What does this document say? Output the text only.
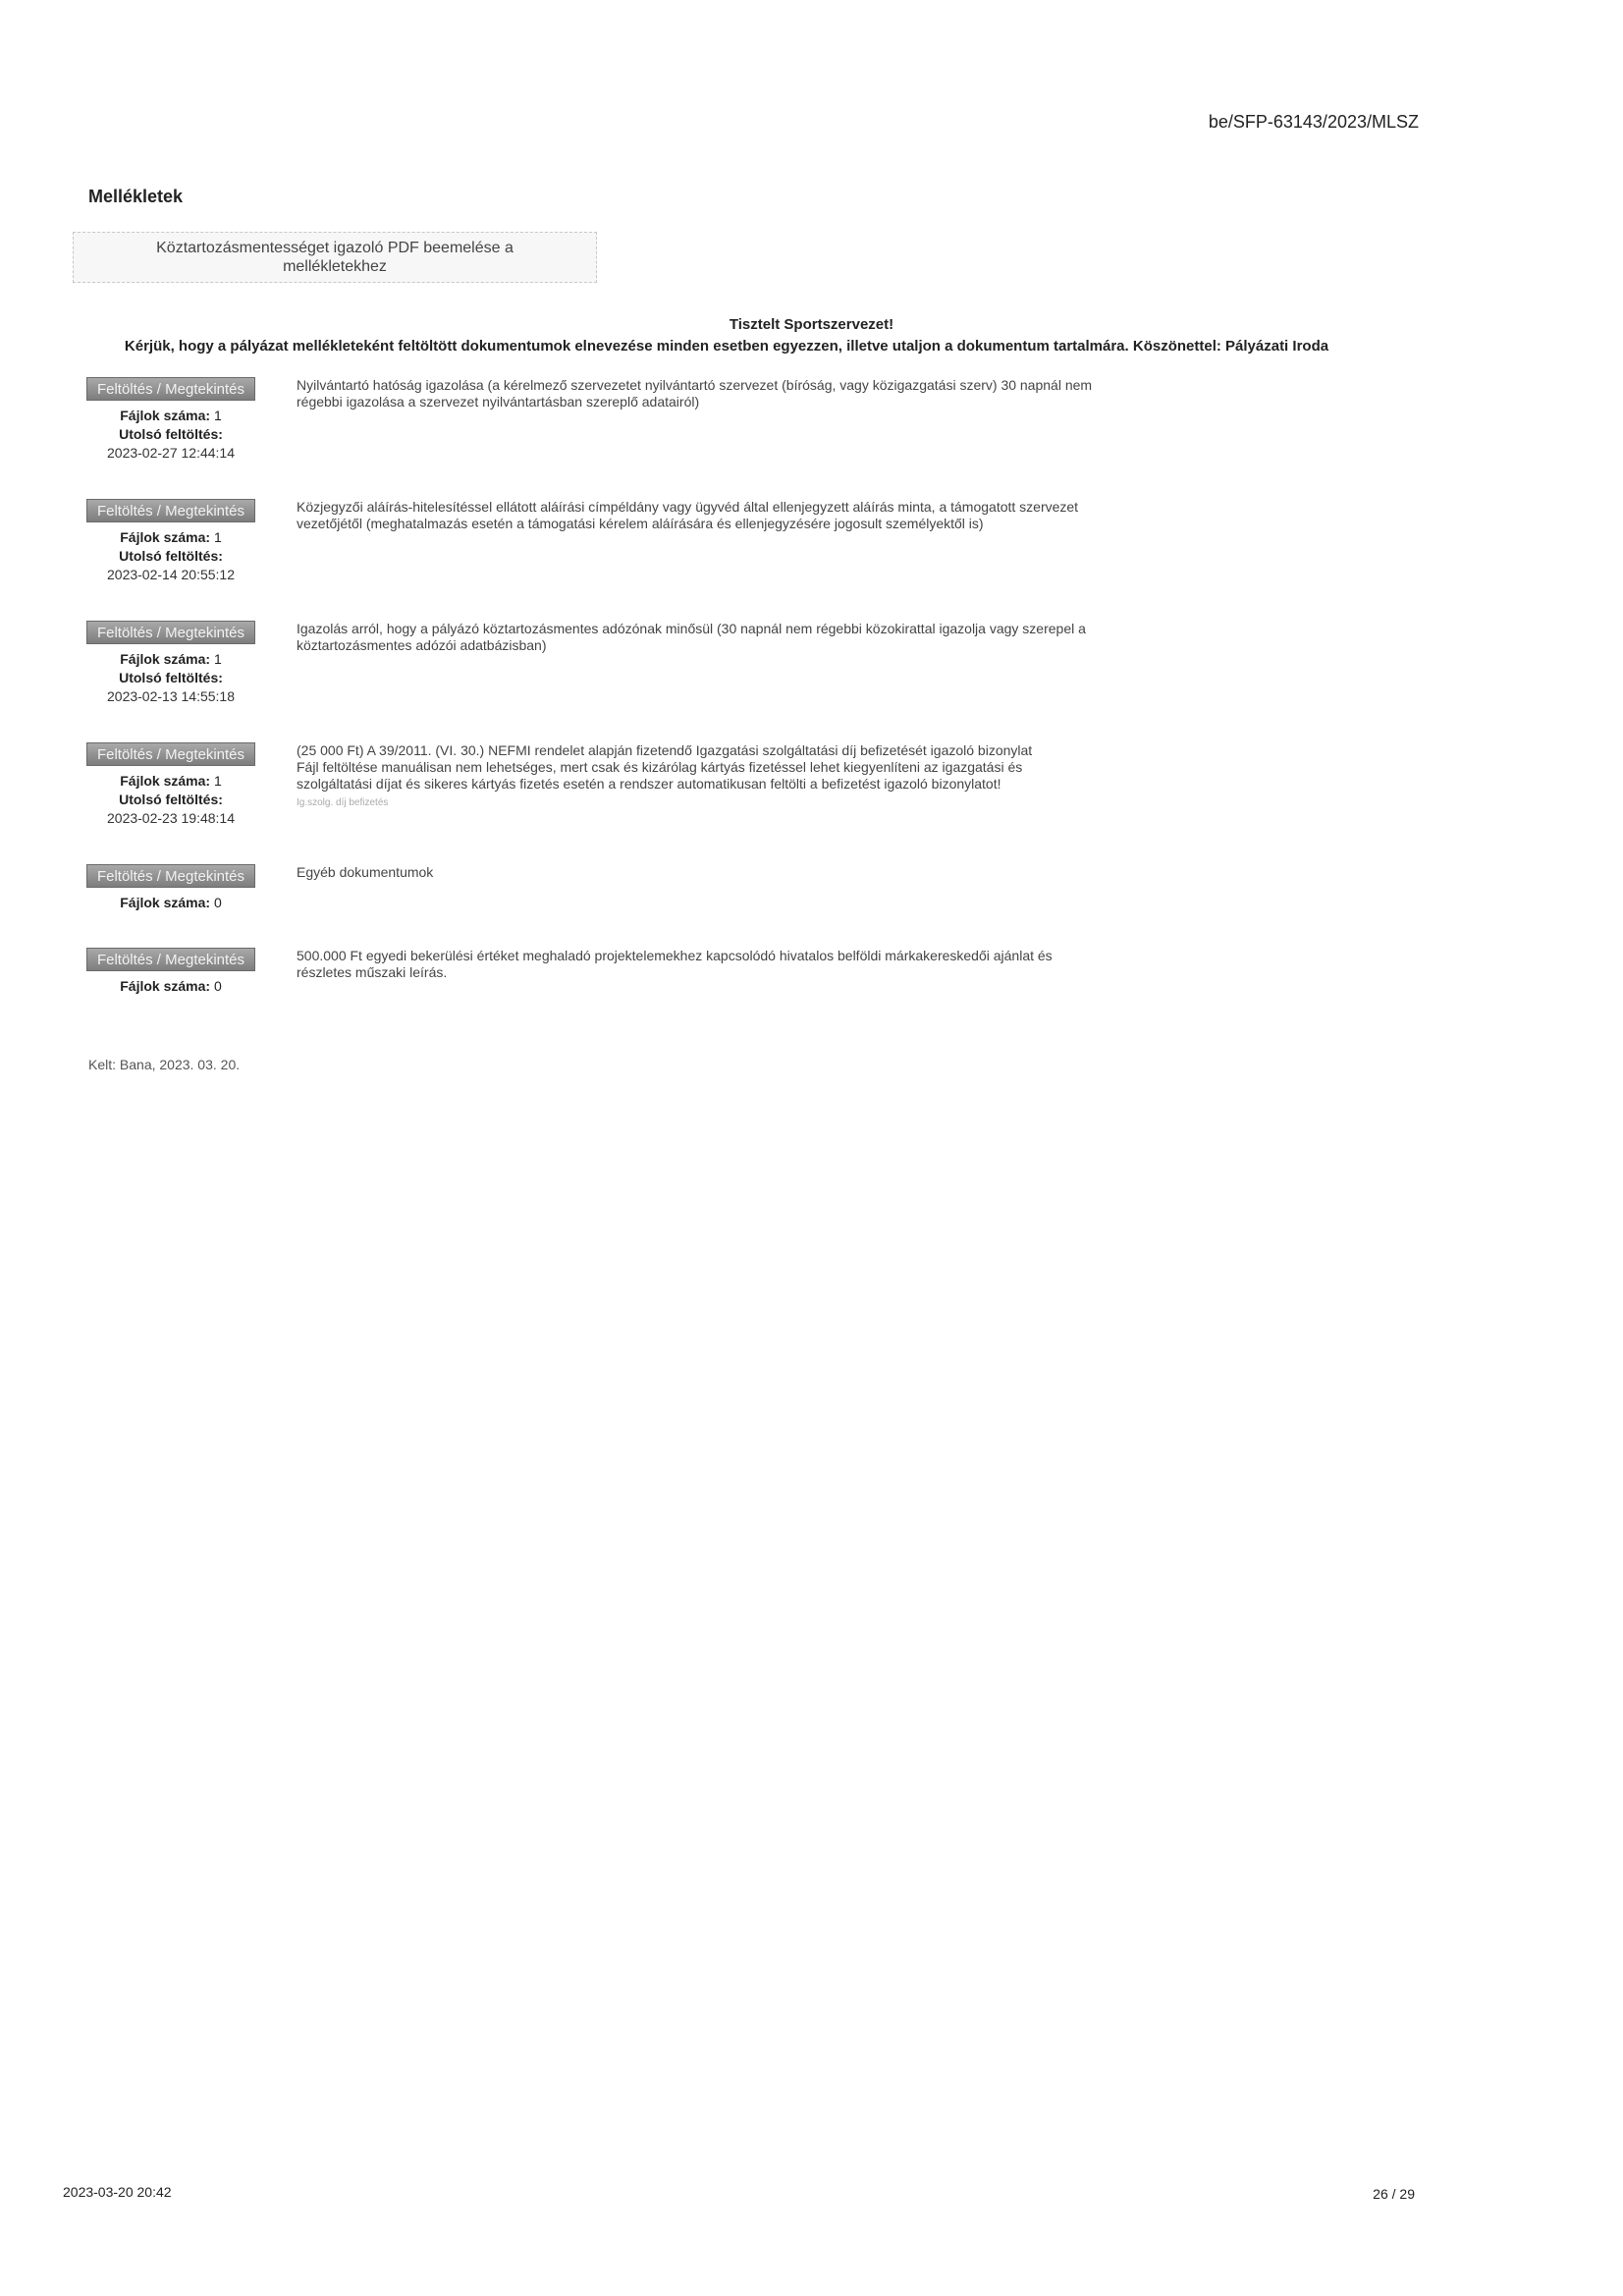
be/SFP-63143/2023/MLSZ
Mellékletek
Köztartozásmentességet igazoló PDF beemelése a
mellékletekhez
Tisztelt Sportszervezet!
Kérjük, hogy a pályázat mellékleteként feltöltött dokumentumok elnevezése minden esetben egyezzen, illetve utaljon a dokumentum tartalmára. Köszönettel: Pályázati Iroda
Feltöltés / Megtekintés
Fájlok száma: 1
Utolsó feltöltés:
2023-02-27 12:44:14
Nyilvántartó hatóság igazolása (a kérelmező szervezetet nyilvántartó szervezet (bíróság, vagy közigazgatási szerv) 30 napnál nem
régebbi igazolása a szervezet nyilvántartásban szereplő adatairól)
Feltöltés / Megtekintés
Fájlok száma: 1
Utolsó feltöltés:
2023-02-14 20:55:12
Közjegyzői aláírás-hitelesítéssel ellátott aláírási címpéldány vagy ügyvéd által ellenjegyzett aláírás minta, a támogatott szervezet
vezetőjétől (meghatalmazás esetén a támogatási kérelem aláírására és ellenjegyzésére jogosult személyektől is)
Feltöltés / Megtekintés
Fájlok száma: 1
Utolsó feltöltés:
2023-02-13 14:55:18
Igazolás arról, hogy a pályázó köztartozásmentes adózónak minősül (30 napnál nem régebbi közokirattal igazolja vagy szerepel a
köztartozásmentes adózói adatbázisban)
Feltöltés / Megtekintés
Fájlok száma: 1
Utolsó feltöltés:
2023-02-23 19:48:14
(25 000 Ft) A 39/2011. (VI. 30.) NEFMI rendelet alapján fizetendő Igazgatási szolgáltatási díj befizetését igazoló bizonylat
Fájl feltöltése manuálisan nem lehetséges, mert csak és kizárólag kártyás fizetéssel lehet kiegyenlíteni az igazgatási és
szolgáltatási díjat és sikeres kártyás fizetés esetén a rendszer automatikusan feltölti a befizetést igazoló bizonylatot!
Ig.szolg. díj befizetés
Feltöltés / Megtekintés
Fájlok száma: 0
Egyéb dokumentumok
Feltöltés / Megtekintés
Fájlok száma: 0
500.000 Ft egyedi bekerülési értéket meghaladó projektelemekhez kapcsolódó hivatalos belföldi márkakereskedői ajánlat és
részletes műszaki leírás.
Kelt: Bana, 2023. 03. 20.
2023-03-20 20:42	26 / 29
